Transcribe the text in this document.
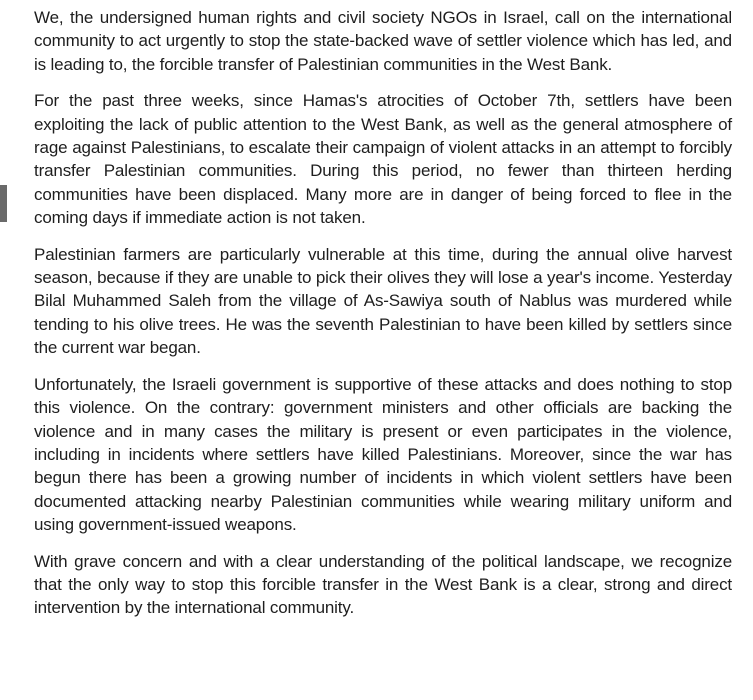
We, the undersigned human rights and civil society NGOs in Israel, call on the international community to act urgently to stop the state-backed wave of settler violence which has led, and is leading to, the forcible transfer of Palestinian communities in the West Bank.

For the past three weeks, since Hamas's atrocities of October 7th, settlers have been exploiting the lack of public attention to the West Bank, as well as the general atmosphere of rage against Palestinians, to escalate their campaign of violent attacks in an attempt to forcibly transfer Palestinian communities. During this period, no fewer than thirteen herding communities have been displaced. Many more are in danger of being forced to flee in the coming days if immediate action is not taken.

Palestinian farmers are particularly vulnerable at this time, during the annual olive harvest season, because if they are unable to pick their olives they will lose a year's income. Yesterday Bilal Muhammed Saleh from the village of As-Sawiya south of Nablus was murdered while tending to his olive trees. He was the seventh Palestinian to have been killed by settlers since the current war began.

Unfortunately, the Israeli government is supportive of these attacks and does nothing to stop this violence. On the contrary: government ministers and other officials are backing the violence and in many cases the military is present or even participates in the violence, including in incidents where settlers have killed Palestinians. Moreover, since the war has begun there has been a growing number of incidents in which violent settlers have been documented attacking nearby Palestinian communities while wearing military uniform and using government-issued weapons.

With grave concern and with a clear understanding of the political landscape, we recognize that the only way to stop this forcible transfer in the West Bank is a clear, strong and direct intervention by the international community.
